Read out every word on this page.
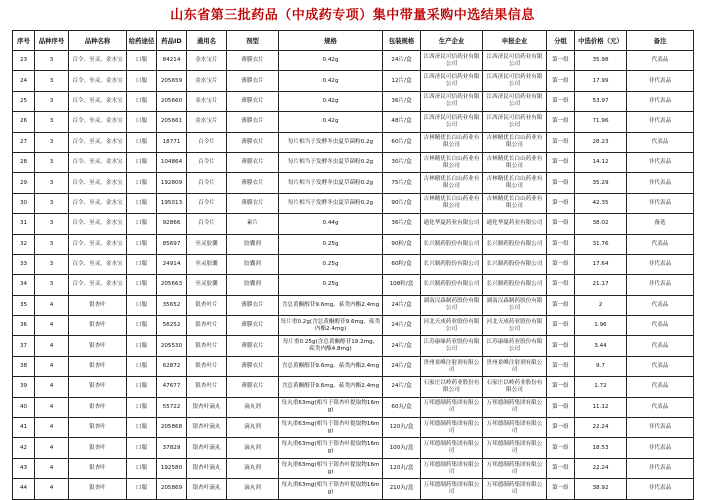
山东省第三批药品（中成药专项）集中带量采购中选结果信息
序号	品种序号	品种名称	给药途径	药品ID	通用名	剂型	规格	包装规格	生产企业	申报企业	分组	中选价格（元）	备注
23	3	百令、至灵、金水宝	口服	84214	金水宝片	薄膜衣片	0.42g	24片/盒	江西济民可信药业有限公司	江西济民可信药业有限公司	第一组	35.98	代表品
24	3	百令、至灵、金水宝	口服	205659	金水宝片	薄膜衣片	0.42g	12片/盒	江西济民可信药业有限公司	江西济民可信药业有限公司	第一组	17.99	非代表品
25	3	百令、至灵、金水宝	口服	205660	金水宝片	薄膜衣片	0.42g	36片/盒	江西济民可信药业有限公司	江西济民可信药业有限公司	第一组	53.97	非代表品
26	3	百令、至灵、金水宝	口服	205661	金水宝片	薄膜衣片	0.42g	48片/盒	江西济民可信药业有限公司	江西济民可信药业有限公司	第一组	71.96	非代表品
27	3	百令、至灵、金水宝	口服	18771	百令片	薄膜衣片	每片相当于发酵冬虫夏草菌粉0.2g	60片/盒	吉林精优长白山药业有限公司	吉林精优长白山药业有限公司	第一组	28.23	代表品
28	3	百令、至灵、金水宝	口服	104864	百令片	薄膜衣片	每片相当于发酵冬虫夏草菌粉0.2g	30片/盒	吉林精优长白山药业有限公司	吉林精优长白山药业有限公司	第一组	14.12	非代表品
29	3	百令、至灵、金水宝	口服	192809	百令片	薄膜衣片	每片相当于发酵冬虫夏草菌粉0.2g	75片/盒	吉林精优长白山药业有限公司	吉林精优长白山药业有限公司	第一组	35.29	非代表品
30	3	百令、至灵、金水宝	口服	195013	百令片	薄膜衣片	每片相当于发酵冬虫夏草菌粉0.2g	90片/盒	吉林精优长白山药业有限公司	吉林精优长白山药业有限公司	第一组	42.35	非代表品
31	3	百令、至灵、金水宝	口服	92866	百令片	素片	0.44g	36片/盒	通化华夏药业有限公司	通化华夏药业有限公司	第一组	38.02	备选
32	3	百令、至灵、金水宝	口服	85697	至灵胶囊	胶囊剂	0.25g	90粒/盒	长兴制药股份有限公司	长兴制药股份有限公司	第一组	31.76	代表品
33	3	百令、至灵、金水宝	口服	24914	至灵胶囊	胶囊剂	0.25g	60粒/盒	长兴制药股份有限公司	长兴制药股份有限公司	第一组	17.64	非代表品
34	3	百令、至灵、金水宝	口服	205663	至灵胶囊	胶囊剂	0.25g	108粒/盒	长兴制药股份有限公司	长兴制药股份有限公司	第一组	21.17	非代表品
35	4	银杏叶	口服	35652	银杏叶片	薄膜衣片	含总黄酮醇苷9.6mg、萜类内酯2.4mg	24片/盒	湖南汉森制药股份有限公司	湖南汉森制药股份有限公司	第一组	2	代表品
36	4	银杏叶	口服	56252	银杏叶片	薄膜衣片	每片重0.2g(含总黄酮醇苷9.6mg，萜类内酯2.4mg)	24片/盒	河北天成药业股份有限公司	河北天成药业股份有限公司	第一组	1.96	代表品
37	4	银杏叶	口服	205530	银杏叶片	薄膜衣片	每片重0.25g(含总黄酮醇苷19.2mg，萜类内酯4.8mg)	24片/盒	江苏康缘药业股份有限公司	江苏康缘药业股份有限公司	第一组	3.44	代表品
38	4	银杏叶	口服	62872	银杏叶片	薄膜衣片	含总黄酮醇苷9.6mg、萜类内酯2.4mg	24片/盒	贵州景峰注射剂有限公司	贵州景峰注射剂有限公司	第一组	9.7	代表品
39	4	银杏叶	口服	47677	银杏叶片	薄膜衣片	含总黄酮醇苷9.6mg、萜类内酯2.4mg	24片/盒	石家庄以岭药业股份有限公司	石家庄以岭药业股份有限公司	第一组	1.72	代表品
40	4	银杏叶	口服	55722	银杏叶滴丸	滴丸剂	每丸重63mg(相当于银杏叶提取物16mg)	60丸/盒	万邦德制药集团有限公司	万邦德制药集团有限公司	第一组	11.12	代表品
41	4	银杏叶	口服	205868	银杏叶滴丸	滴丸剂	每丸重63mg(相当于银杏叶提取物16mg)	120丸/盒	万邦德制药集团有限公司	万邦德制药集团有限公司	第一组	22.24	非代表品
42	4	银杏叶	口服	37829	银杏叶滴丸	滴丸剂	每丸重63mg(相当于银杏叶提取物16mg)	100丸/盒	万邦德制药集团有限公司	万邦德制药集团有限公司	第一组	18.53	非代表品
43	4	银杏叶	口服	192580	银杏叶滴丸	滴丸剂	每丸重63mg(相当于银杏叶提取物16mg)	120丸/盒	万邦德制药集团有限公司	万邦德制药集团有限公司	第一组	22.24	非代表品
44	4	银杏叶	口服	205869	银杏叶滴丸	滴丸剂	每丸重63mg(相当于银杏叶提取物16mg)	210丸/盒	万邦德制药集团有限公司	万邦德制药集团有限公司	第一组	38.92	非代表品
